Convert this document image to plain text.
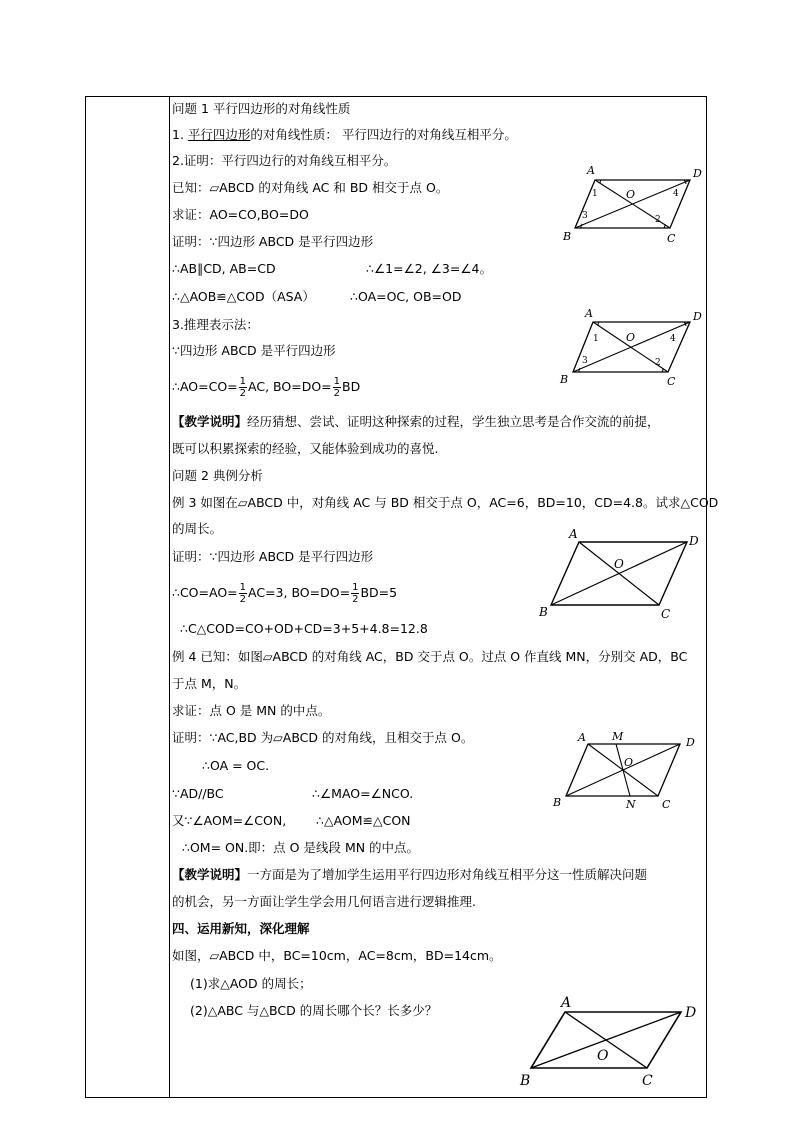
问题 1 平行四边形的对角线性质
1. 平行四边形的对角线性质： 平行四边行的对角线互相平分。
2.证明：平行四边行的对角线互相平分。
已知：▱ABCD 的对角线 AC 和 BD 相交于点 O。
求证：AO=CO,BO=DO
证明：∵四边形 ABCD 是平行四边形
∴AB∥CD, AB=CD	∴∠1=∠2, ∠3=∠4。
∴△AOB≌△COD（ASA）	∴OA=OC, OB=OD
3.推理表示法：
∵四边形 ABCD 是平行四边形
∴AO=CO= $\frac{1}{2}$ AC, $BO=DO= \frac{1}{2}$ BD
【教学说明】经历猜想、尝试、证明这种探索的过程，学生独立思考是合作交流的前提，
既可以积累探索的经验，又能体验到成功的喜悦.
问题 2 典例分析
例 3 如图在▱ABCD 中，对角线 AC 与 BD 相交于点 O，AC=6，BD=10，CD=4.8。试求△COD
的周长。
证明：∵四边形 ABCD 是平行四边形
∴CO=AO= $\frac{1}{2} AC=3$, $BO=DO= \frac{1}{2} BD=5$
∴C△COD=CO+OD+CD=3+5+4.8=12.8
例 4 已知：如图▱ABCD 的对角线 AC，BD 交于点 O。过点 O 作直线 MN，分别交 AD，BC
于点 M，N。
求证：点 O 是 MN 的中点。
证明：∵AC,BD 为▱ABCD 的对角线，且相交于点 O。
∴OA = OC.
∵AD//BC	∴∠MAO=∠NCO.
又∵∠AOM=∠CON, ∴△AOM≌△CON
∴OM= ON.即：点 O 是线段 MN 的中点。
【教学说明】一方面是为了增加学生运用平行四边形对角线互相平分这一性质解决问题
的机会，另一方面让学生学会用几何语言进行逻辑推理.
四、运用新知，深化理解
如图，▱ABCD 中，BC=10cm，AC=8cm，BD=14cm。
(1)求△AOD 的周长；
(2)△ABC 与△BCD 的周长哪个长？长多少？
A	D
B	C
O
1
2
3
4
A	D
B	C
O
1
2
3
4
A	D
B	C
O
A M	D
B	N C
O
A
D
B	C
O
